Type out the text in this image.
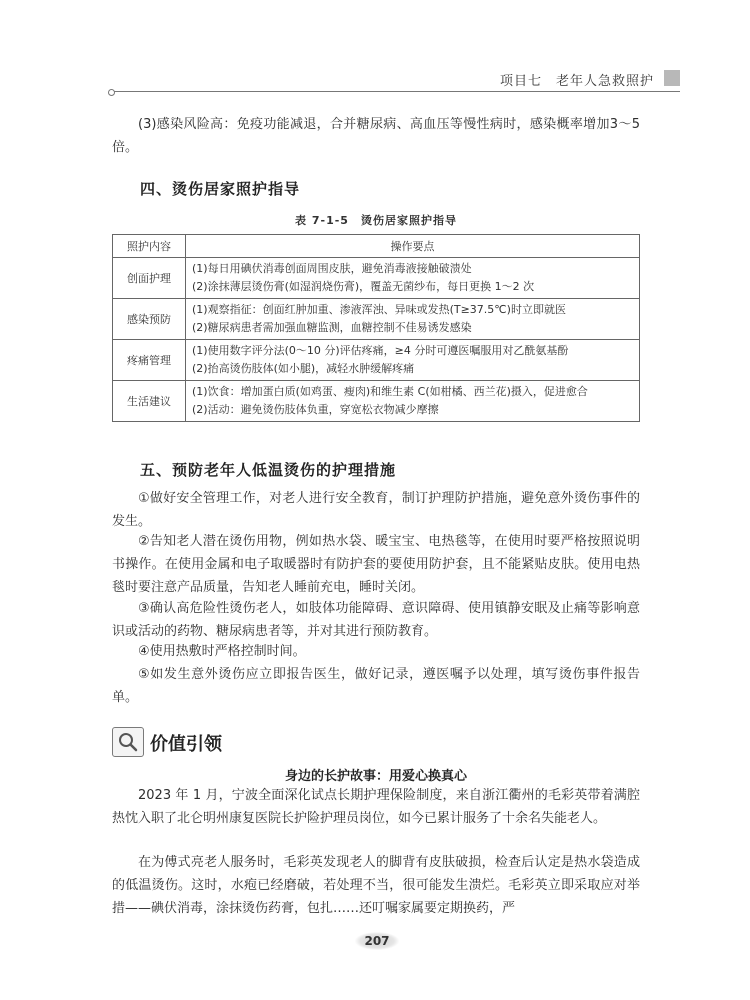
项目七　老年人急救照护
(3)感染风险高：免疫功能减退，合并糖尿病、高血压等慢性病时，感染概率增加3～5倍。
四、烫伤居家照护指导
表 7-1-5　烫伤居家照护指导
照护内容	操作要点
创面护理	(1)每日用碘伏消毒创面周围皮肤，避免消毒液接触破溃处
(2)涂抹薄层烫伤膏(如湿润烧伤膏)，覆盖无菌纱布，每日更换 1～2 次

感染预防	(1)观察指征：创面红肿加重、渗液浑浊、异味或发热(T≥37.5℃)时立即就医
(2)糖尿病患者需加强血糖监测，血糖控制不佳易诱发感染

疼痛管理	(1)使用数字评分法(0～10 分)评估疼痛，≥4 分时可遵医嘱服用对乙酰氨基酚
(2)抬高烫伤肢体(如小腿)，减轻水肿缓解疼痛

生活建议	(1)饮食：增加蛋白质(如鸡蛋、瘦肉)和维生素 C(如柑橘、西兰花)摄入，促进愈合
(2)活动：避免烫伤肢体负重，穿宽松衣物减少摩擦
五、预防老年人低温烫伤的护理措施
①做好安全管理工作，对老人进行安全教育，制订护理防护措施，避免意外烫伤事件的发生。
②告知老人潜在烫伤用物，例如热水袋、暖宝宝、电热毯等，在使用时要严格按照说明书操作。在使用金属和电子取暖器时有防护套的要使用防护套，且不能紧贴皮肤。使用电热毯时要注意产品质量，告知老人睡前充电，睡时关闭。
③确认高危险性烫伤老人，如肢体功能障碍、意识障碍、使用镇静安眠及止痛等影响意识或活动的药物、糖尿病患者等，并对其进行预防教育。
④使用热敷时严格控制时间。
⑤如发生意外烫伤应立即报告医生，做好记录，遵医嘱予以处理，填写烫伤事件报告单。
价值引领
身边的长护故事：用爱心换真心
2023 年 1 月，宁波全面深化试点长期护理保险制度，来自浙江衢州的毛彩英带着满腔热忱入职了北仑明州康复医院长护险护理员岗位，如今已累计服务了十余名失能老人。
在为傅式亮老人服务时，毛彩英发现老人的脚背有皮肤破损，检查后认定是热水袋造成的低温烫伤。这时，水疱已经磨破，若处理不当，很可能发生溃烂。毛彩英立即采取应对举措——碘伏消毒，涂抹烫伤药膏，包扎……还叮嘱家属要定期换药，严
207
